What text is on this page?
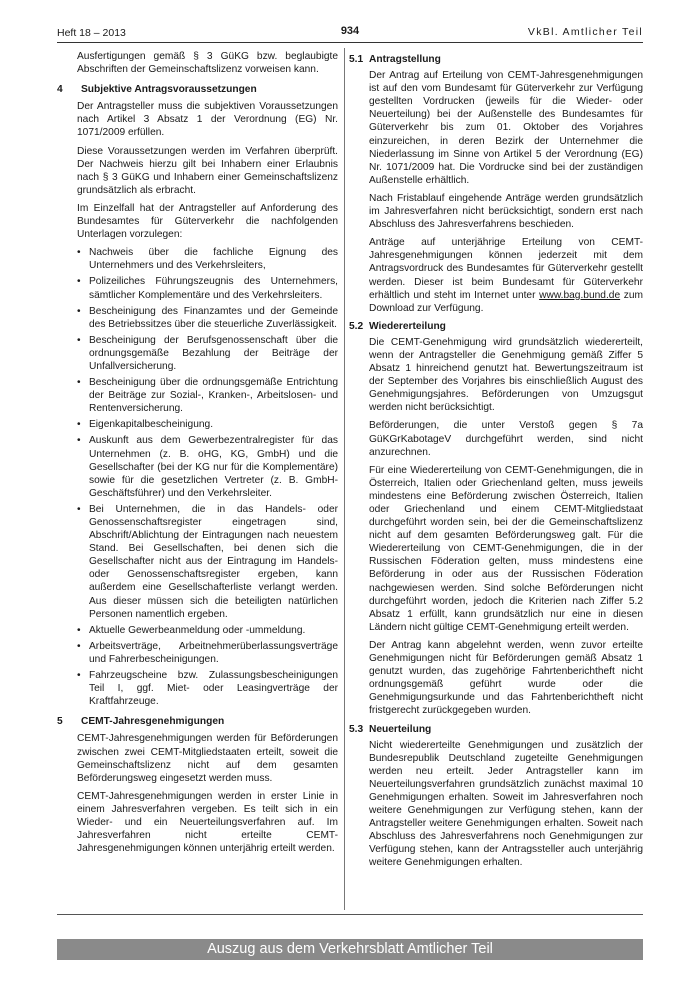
Heft 18 – 2013	934	VkBl. Amtlicher Teil

Ausfertigungen gemäß § 3 GüKG bzw. beglaubigte Abschriften der Gemeinschaftslizenz vorweisen kann.

4	Subjektive Antragsvoraussetzungen

Der Antragsteller muss die subjektiven Voraussetzungen nach Artikel 3 Absatz 1 der Verordnung (EG) Nr. 1071/2009 erfüllen.

Diese Voraussetzungen werden im Verfahren überprüft. Der Nachweis hierzu gilt bei Inhabern einer Erlaubnis nach § 3 GüKG und Inhabern einer Gemeinschaftslizenz grundsätzlich als erbracht.

Im Einzelfall hat der Antragsteller auf Anforderung des Bundesamtes für Güterverkehr die nachfolgenden Unterlagen vorzulegen:

• Nachweis über die fachliche Eignung des Unternehmers und des Verkehrsleiters,
• Polizeiliches Führungszeugnis des Unternehmers, sämtlicher Komplementäre und des Verkehrsleiters.
• Bescheinigung des Finanzamtes und der Gemeinde des Betriebssitzes über die steuerliche Zuverlässigkeit.
• Bescheinigung der Berufsgenossenschaft über die ordnungsgemäße Bezahlung der Beiträge der Unfallversicherung.
• Bescheinigung über die ordnungsgemäße Entrichtung der Beiträge zur Sozial-, Kranken-, Arbeitslosen- und Rentenversicherung.
• Eigenkapitalbescheinigung.
• Auskunft aus dem Gewerbezentralregister für das Unternehmen (z. B. oHG, KG, GmbH) und die Gesellschafter (bei der KG nur für die Komplementäre) sowie für die gesetzlichen Vertreter (z. B. GmbH-Geschäftsführer) und den Verkehrsleiter.
• Bei Unternehmen, die in das Handels- oder Genossenschaftsregister eingetragen sind, Abschrift/Ablichtung der Eintragungen nach neuestem Stand. Bei Gesellschaften, bei denen sich die Gesellschafter nicht aus der Eintragung im Handels- oder Genossenschaftsregister ergeben, kann außerdem eine Gesellschafterliste verlangt werden. Aus dieser müssen sich die beteiligten natürlichen Personen namentlich ergeben.
• Aktuelle Gewerbeanmeldung oder -ummeldung.
• Arbeitsverträge, Arbeitnehmerüberlassungsverträge und Fahrerbescheinigungen.
• Fahrzeugscheine bzw. Zulassungsbescheinigungen Teil I, ggf. Miet- oder Leasingverträge der Kraftfahrzeuge.
5	CEMT-Jahresgenehmigungen

CEMT-Jahresgenehmigungen werden für Beförderungen zwischen zwei CEMT-Mitgliedstaaten erteilt, soweit die Gemeinschaftslizenz nicht auf dem gesamten Beförderungsweg eingesetzt werden muss.

CEMT-Jahresgenehmigungen werden in erster Linie in einem Jahresverfahren vergeben. Es teilt sich in ein Wieder- und ein Neuerteilungsverfahren auf. Im Jahresverfahren nicht erteilte CEMT-Jahresgenehmigungen können unterjährig erteilt werden.

5.1 Antragstellung

Der Antrag auf Erteilung von CEMT-Jahresgenehmigungen ist auf den vom Bundesamt für Güterverkehr zur Verfügung gestellten Vordrucken (jeweils für die Wieder- oder Neuerteilung) bei der Außenstelle des Bundesamtes für Güterverkehr bis zum 01. Oktober des Vorjahres einzureichen, in deren Bezirk der Unternehmer die Niederlassung im Sinne von Artikel 5 der Verordnung (EG) Nr. 1071/2009 hat. Die Vordrucke sind bei der zuständigen Außenstelle erhältlich.

Nach Fristablauf eingehende Anträge werden grundsätzlich im Jahresverfahren nicht berücksichtigt, sondern erst nach Abschluss des Jahresverfahrens beschieden.

Anträge auf unterjährige Erteilung von CEMT-Jahresgenehmigungen können jederzeit mit dem Antragsvordruck des Bundesamtes für Güterverkehr gestellt werden. Dieser ist beim Bundesamt für Güterverkehr erhältlich und steht im Internet unter www.bag.bund.de zum Download zur Verfügung.

5.2 Wiedererteilung

Die CEMT-Genehmigung wird grundsätzlich wiedererteilt, wenn der Antragsteller die Genehmigung gemäß Ziffer 5 Absatz 1 hinreichend genutzt hat. Bewertungszeitraum ist der September des Vorjahres bis einschließlich August des Genehmigungsjahres. Beförderungen von Umzugsgut werden nicht berücksichtigt.

Beförderungen, die unter Verstoß gegen § 7a GüKGrKabotageV durchgeführt werden, sind nicht anzurechnen.

Für eine Wiedererteilung von CEMT-Genehmigungen, die in Österreich, Italien oder Griechenland gelten, muss jeweils mindestens eine Beförderung zwischen Österreich, Italien oder Griechenland und einem CEMT-Mitgliedstaat durchgeführt worden sein, bei der die Gemeinschaftslizenz nicht auf dem gesamten Beförderungsweg galt. Für die Wiedererteilung von CEMT-Genehmigungen, die in der Russischen Föderation gelten, muss mindestens eine Beförderung in oder aus der Russischen Föderation nachgewiesen werden. Sind solche Beförderungen nicht durchgeführt worden, jedoch die Kriterien nach Ziffer 5.2 Absatz 1 erfüllt, kann grundsätzlich nur eine in diesen Ländern nicht gültige CEMT-Genehmigung erteilt werden.

Der Antrag kann abgelehnt werden, wenn zuvor erteilte Genehmigungen nicht für Beförderungen gemäß Absatz 1 genutzt wurden, das zugehörige Fahrtenberichtheft nicht ordnungsgemäß geführt wurde oder die Genehmigungsurkunde und das Fahrtenberichtheft nicht fristgerecht zurückgegeben wurden.

5.3 Neuerteilung

Nicht wiedererteilte Genehmigungen und zusätzlich der Bundesrepublik Deutschland zugeteilte Genehmigungen werden neu erteilt. Jeder Antragsteller kann im Neuerteilungsverfahren grundsätzlich zunächst maximal 10 Genehmigungen erhalten. Soweit im Jahresverfahren noch weitere Genehmigungen zur Verfügung stehen, kann der Antragsteller weitere Genehmigungen erhalten. Soweit nach Abschluss des Jahresverfahrens noch Genehmigungen zur Verfügung stehen, kann der Antragssteller auch unterjährig weitere Genehmigungen erhalten.

Auszug aus dem Verkehrsblatt Amtlicher Teil
